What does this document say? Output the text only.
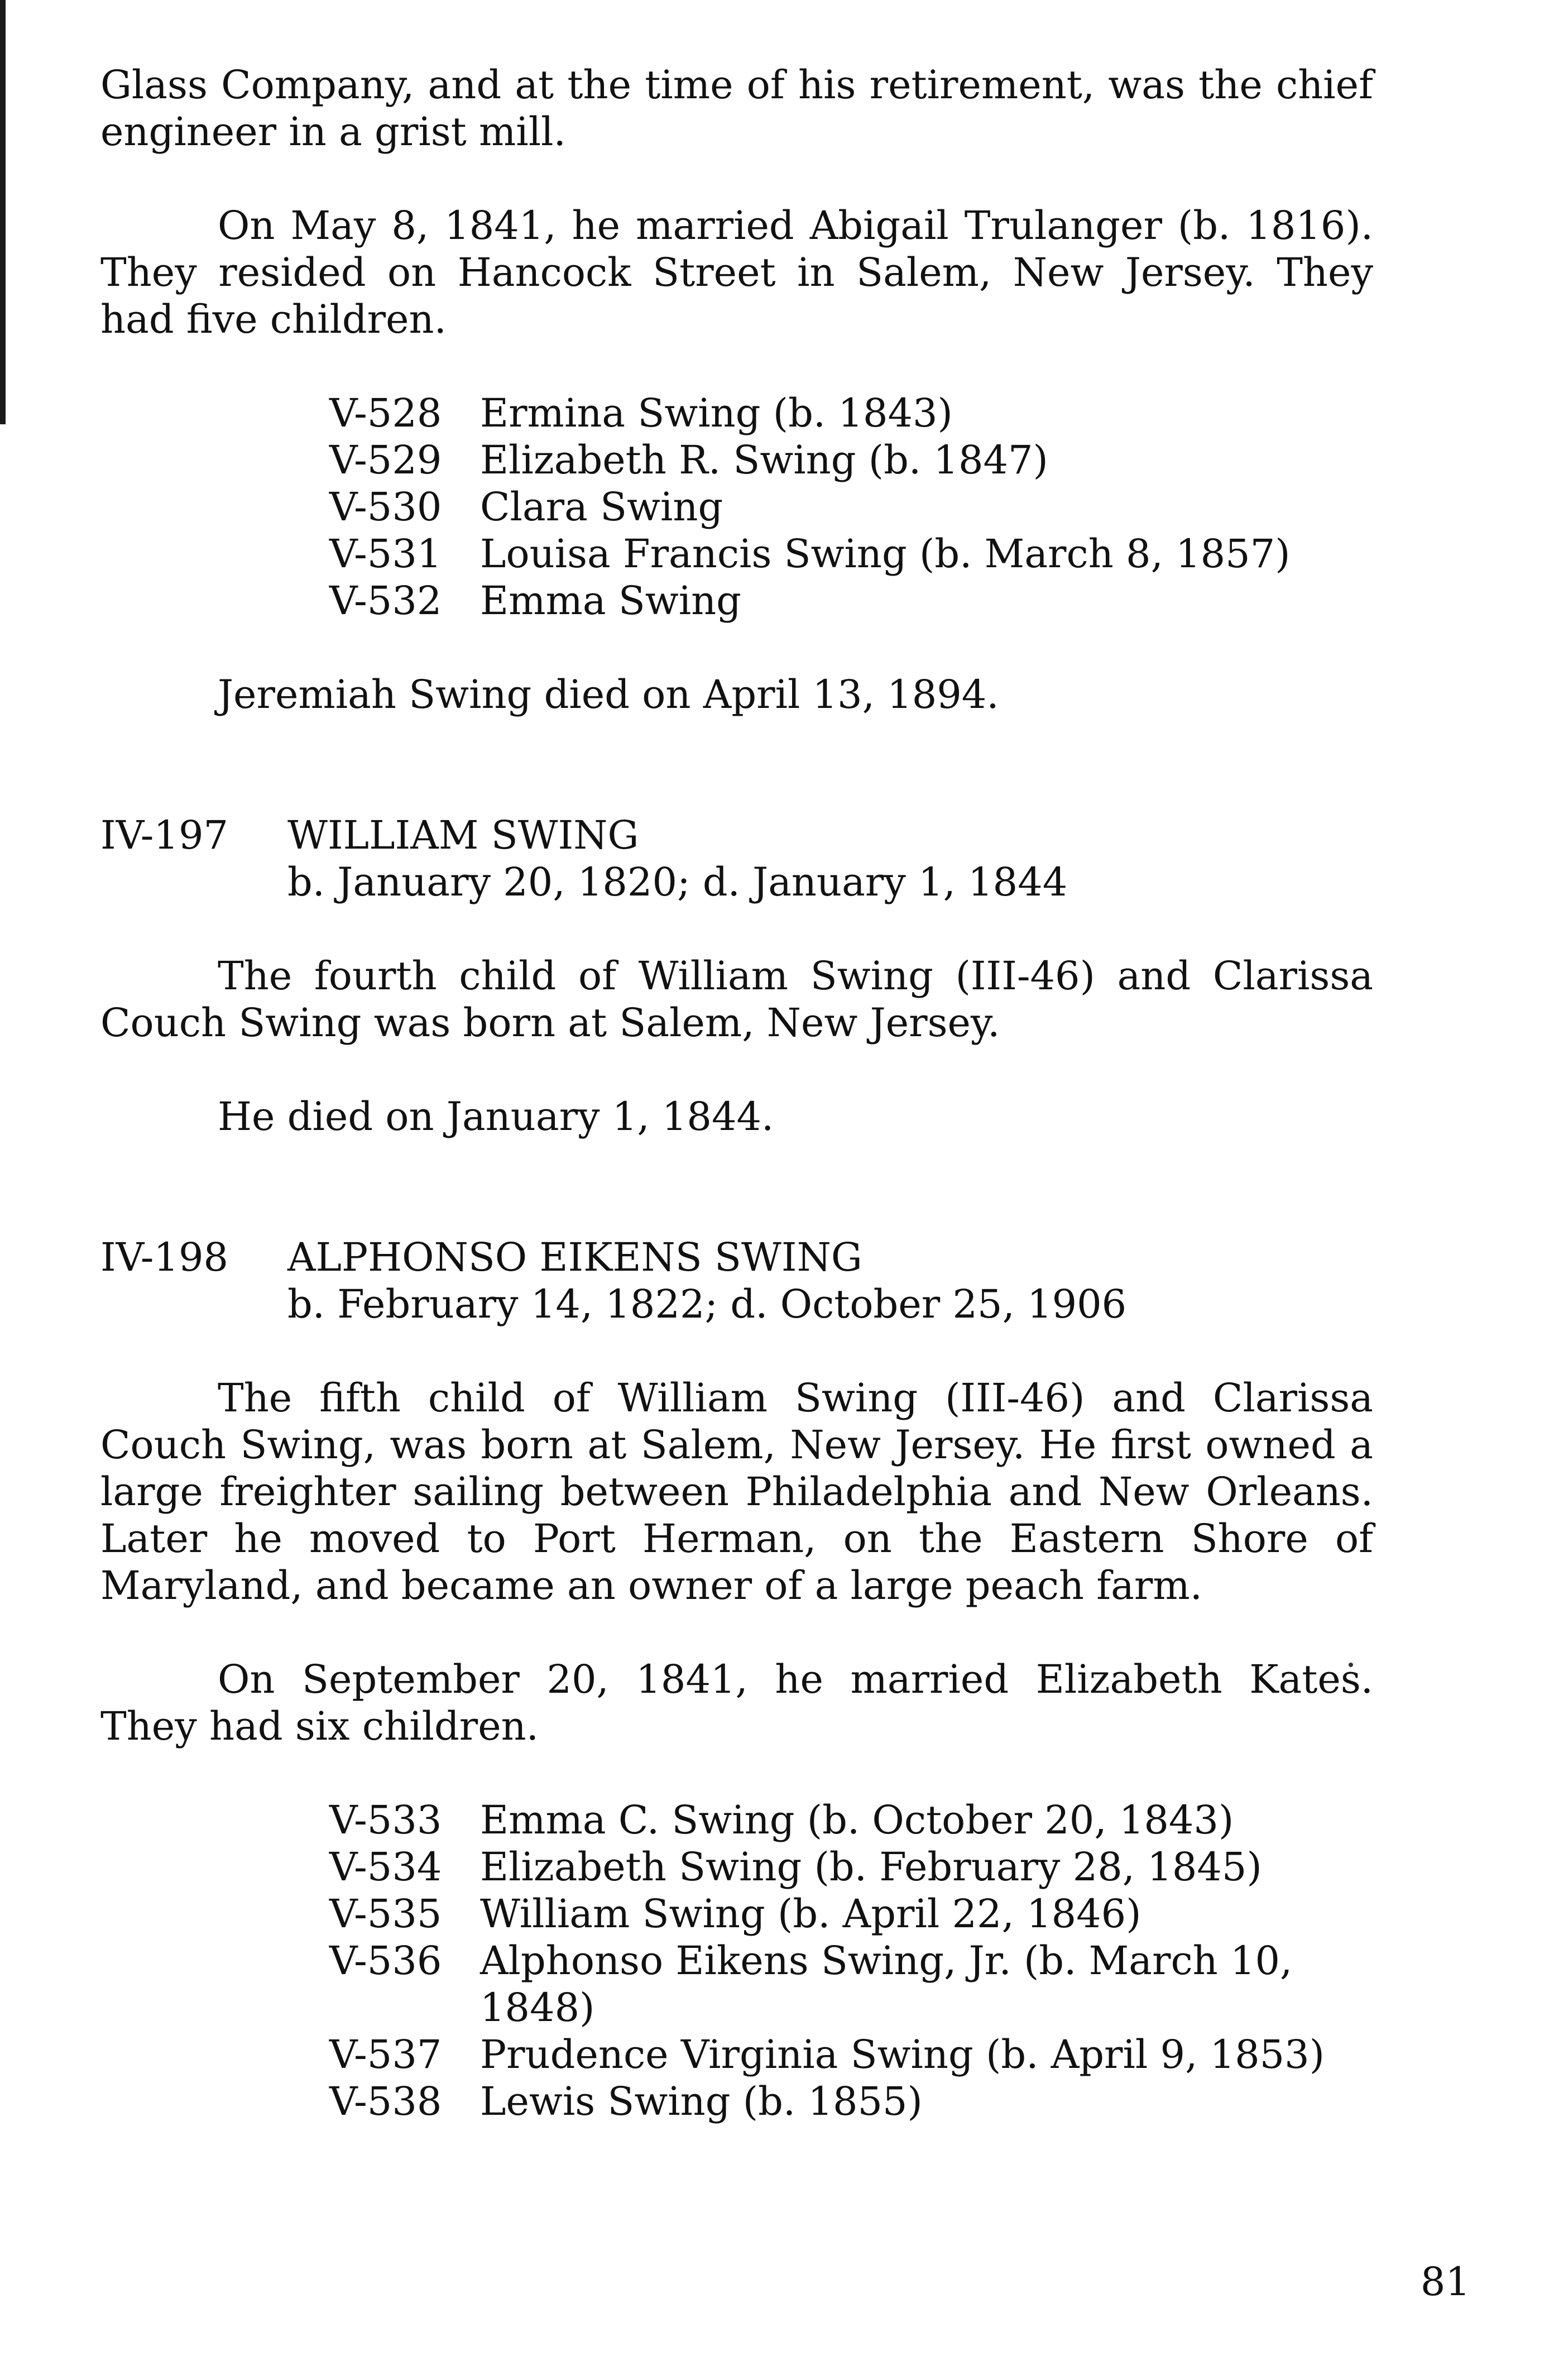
Glass Company, and at the time of his retirement, was the chief engineer in a grist mill.

On May 8, 1841, he married Abigail Trulanger (b. 1816). They resided on Hancock Street in Salem, New Jersey. They had five children.

V-528 Ermina Swing (b. 1843)
V-529 Elizabeth R. Swing (b. 1847)
V-530 Clara Swing
V-531 Louisa Francis Swing (b. March 8, 1857)
V-532 Emma Swing

Jeremiah Swing died on April 13, 1894.

IV-197	WILLIAM SWING
b. January 20, 1820; d. January 1, 1844

The fourth child of William Swing (III-46) and Clarissa Couch Swing was born at Salem, New Jersey.

He died on January 1, 1844.

IV-198	ALPHONSO EIKENS SWING
b. February 14, 1822; d. October 25, 1906

The fifth child of William Swing (III-46) and Clarissa Couch Swing, was born at Salem, New Jersey. He first owned a large freighter sailing between Philadelphia and New Orleans. Later he moved to Port Herman, on the Eastern Shore of Maryland, and became an owner of a large peach farm.

On September 20, 1841, he married Elizabeth Kates. They had six children.

V-533 Emma C. Swing (b. October 20, 1843)
V-534 Elizabeth Swing (b. February 28, 1845)
V-535 William Swing (b. April 22, 1846)
V-536 Alphonso Eikens Swing, Jr. (b. March 10, 1848)
V-537 Prudence Virginia Swing (b. April 9, 1853)
V-538 Lewis Swing (b. 1855)
81
